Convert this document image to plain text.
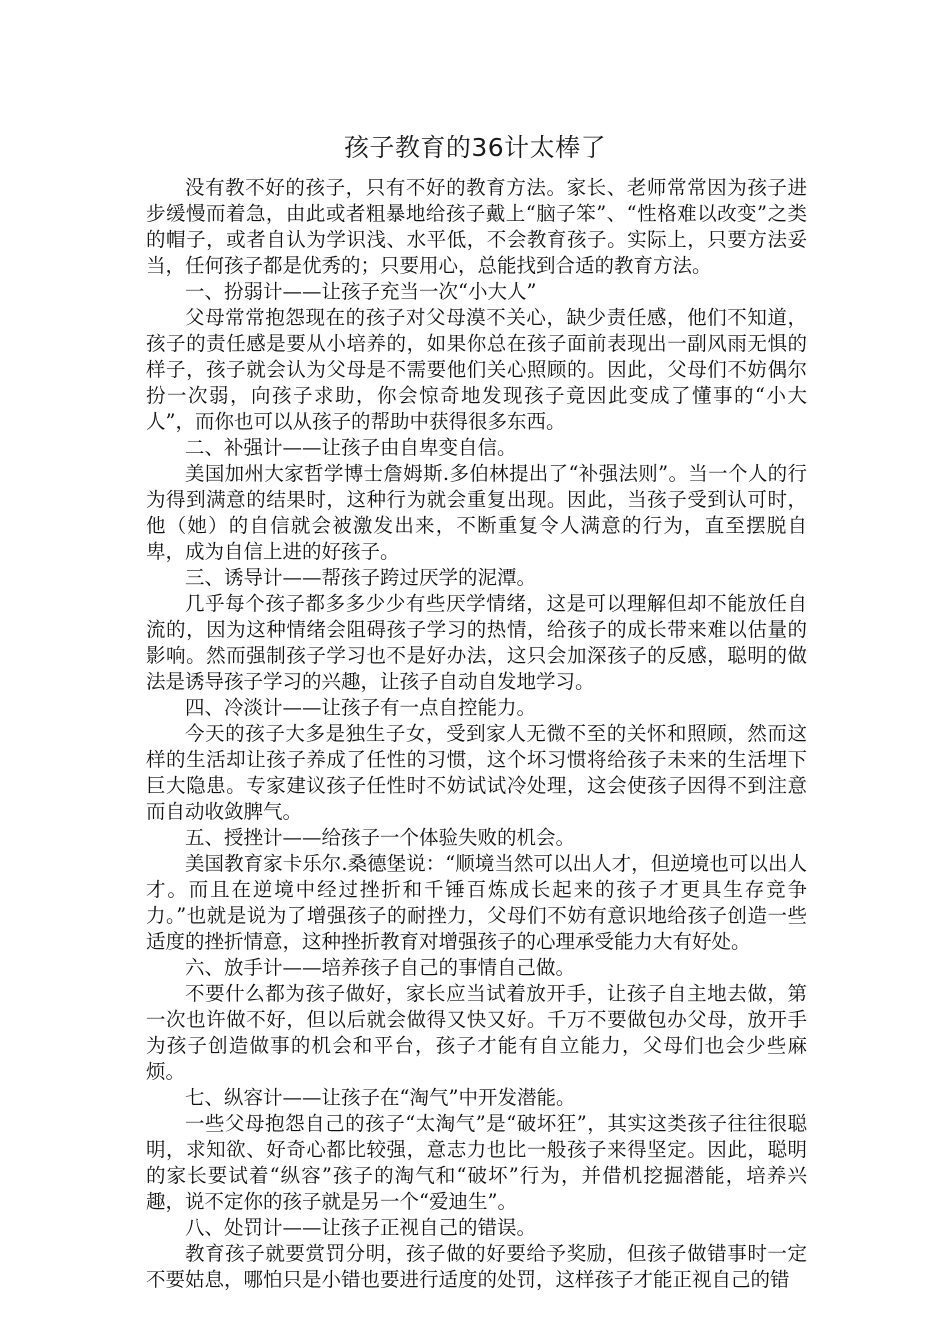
孩子教育的36计太棒了

没有教不好的孩子，只有不好的教育方法。家长、老师常常因为孩子进步缓慢而着急，由此或者粗暴地给孩子戴上“脑子笨”、“性格难以改变”之类的帽子，或者自认为学识浅、水平低，不会教育孩子。实际上，只要方法妥当，任何孩子都是优秀的；只要用心，总能找到合适的教育方法。

一、扮弱计——让孩子充当一次“小大人”

父母常常抱怨现在的孩子对父母漠不关心，缺少责任感，他们不知道，孩子的责任感是要从小培养的，如果你总在孩子面前表现出一副风雨无惧的样子，孩子就会认为父母是不需要他们关心照顾的。因此，父母们不妨偶尔扮一次弱，向孩子求助，你会惊奇地发现孩子竟因此变成了懂事的“小大人”，而你也可以从孩子的帮助中获得很多东西。

二、补强计——让孩子由自卑变自信。

美国加州大家哲学博士詹姆斯.多伯林提出了“补强法则”。当一个人的行为得到满意的结果时，这种行为就会重复出现。因此，当孩子受到认可时，他（她）的自信就会被激发出来，不断重复令人满意的行为，直至摆脱自卑，成为自信上进的好孩子。

三、诱导计——帮孩子跨过厌学的泥潭。

几乎每个孩子都多多少少有些厌学情绪，这是可以理解但却不能放任自流的，因为这种情绪会阻碍孩子学习的热情，给孩子的成长带来难以估量的影响。然而强制孩子学习也不是好办法，这只会加深孩子的反感，聪明的做法是诱导孩子学习的兴趣，让孩子自动自发地学习。

四、冷淡计——让孩子有一点自控能力。

今天的孩子大多是独生子女，受到家人无微不至的关怀和照顾，然而这样的生活却让孩子养成了任性的习惯，这个坏习惯将给孩子未来的生活埋下巨大隐患。专家建议孩子任性时不妨试试冷处理，这会使孩子因得不到注意而自动收敛脾气。

五、授挫计——给孩子一个体验失败的机会。

美国教育家卡乐尔.桑德堡说：“顺境当然可以出人才，但逆境也可以出人才。而且在逆境中经过挫折和千锤百炼成长起来的孩子才更具生存竞争力。”也就是说为了增强孩子的耐挫力，父母们不妨有意识地给孩子创造一些适度的挫折情意，这种挫折教育对增强孩子的心理承受能力大有好处。

六、放手计——培养孩子自己的事情自己做。

不要什么都为孩子做好，家长应当试着放开手，让孩子自主地去做，第一次也许做不好，但以后就会做得又快又好。千万不要做包办父母，放开手为孩子创造做事的机会和平台，孩子才能有自立能力，父母们也会少些麻烦。

七、纵容计——让孩子在“淘气”中开发潜能。

一些父母抱怨自己的孩子“太淘气”是“破坏狂”，其实这类孩子往往很聪明，求知欲、好奇心都比较强，意志力也比一般孩子来得坚定。因此，聪明的家长要试着“纵容”孩子的淘气和“破坏”行为，并借机挖掘潜能，培养兴趣，说不定你的孩子就是另一个“爱迪生”。

八、处罚计——让孩子正视自己的错误。

教育孩子就要赏罚分明，孩子做的好要给予奖励，但孩子做错事时一定不要姑息，哪怕只是小错也要进行适度的处罚，这样孩子才能正视自己的错
